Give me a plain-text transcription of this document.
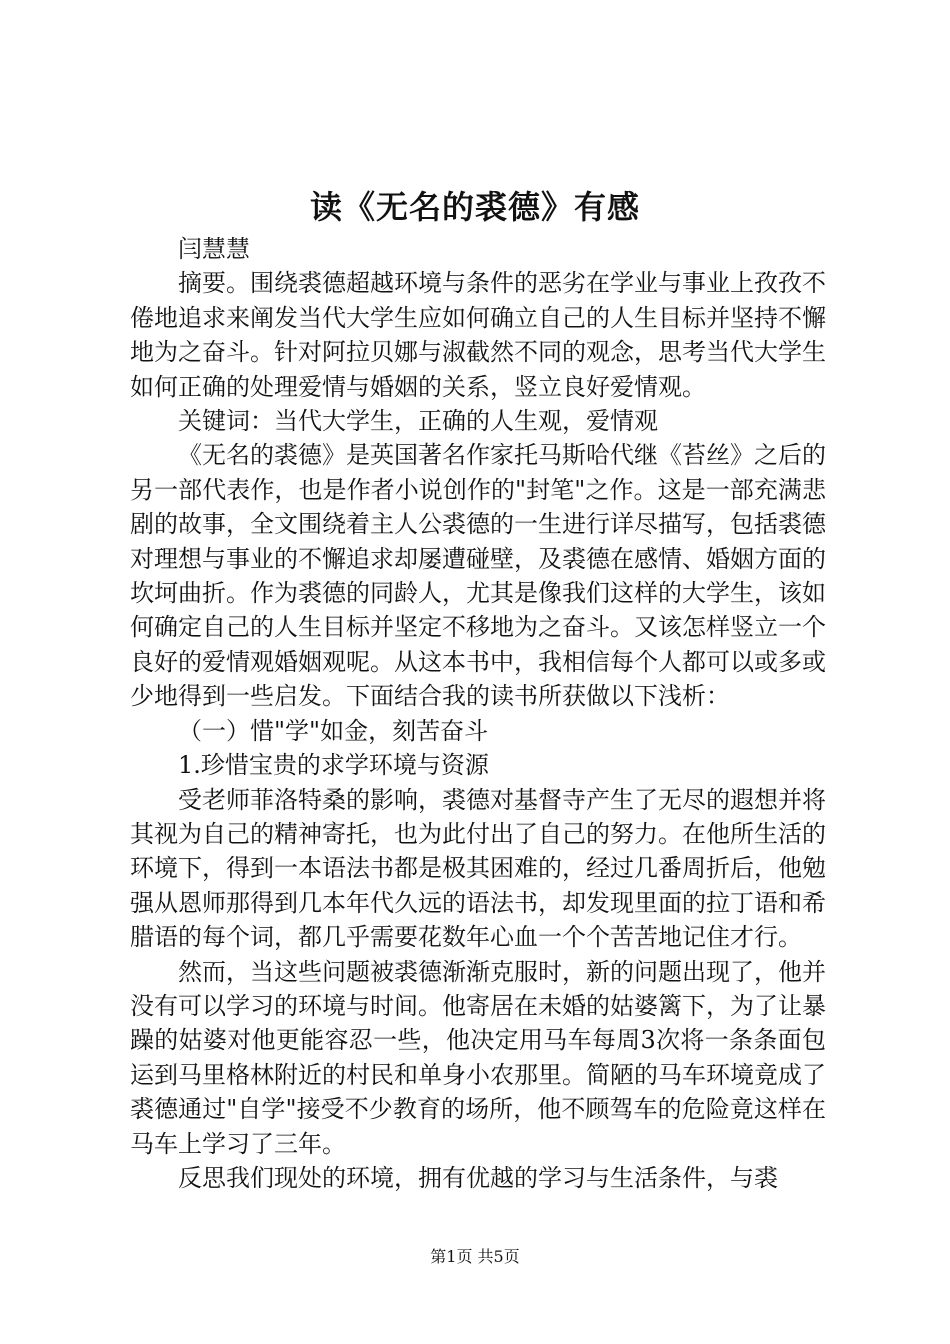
读《无名的裘德》有感

闫慧慧

摘要。围绕裘德超越环境与条件的恶劣在学业与事业上孜孜不倦地追求来阐发当代大学生应如何确立自己的人生目标并坚持不懈地为之奋斗。针对阿拉贝娜与淑截然不同的观念，思考当代大学生如何正确的处理爱情与婚姻的关系，竖立良好爱情观。

关键词：当代大学生，正确的人生观，爱情观

《无名的裘德》是英国著名作家托马斯哈代继《苔丝》之后的另一部代表作，也是作者小说创作的"封笔"之作。这是一部充满悲剧的故事，全文围绕着主人公裘德的一生进行详尽描写，包括裘德对理想与事业的不懈追求却屡遭碰壁，及裘德在感情、婚姻方面的坎坷曲折。作为裘德的同龄人，尤其是像我们这样的大学生，该如何确定自己的人生目标并坚定不移地为之奋斗。又该怎样竖立一个良好的爱情观婚姻观呢。从这本书中，我相信每个人都可以或多或少地得到一些启发。下面结合我的读书所获做以下浅析：

（一）惜"学"如金，刻苦奋斗

1.珍惜宝贵的求学环境与资源

受老师菲洛特桑的影响，裘德对基督寺产生了无尽的遐想并将其视为自己的精神寄托，也为此付出了自己的努力。在他所生活的环境下，得到一本语法书都是极其困难的，经过几番周折后，他勉强从恩师那得到几本年代久远的语法书，却发现里面的拉丁语和希腊语的每个词，都几乎需要花数年心血一个个苦苦地记住才行。

然而，当这些问题被裘德渐渐克服时，新的问题出现了，他并没有可以学习的环境与时间。他寄居在未婚的姑婆篱下，为了让暴躁的姑婆对他更能容忍一些，他决定用马车每周3次将一条条面包运到马里格林附近的村民和单身小农那里。简陋的马车环境竟成了裘德通过"自学"接受不少教育的场所，他不顾驾车的危险竟这样在马车上学习了三年。

反思我们现处的环境，拥有优越的学习与生活条件，与裘

第1页 共5页
